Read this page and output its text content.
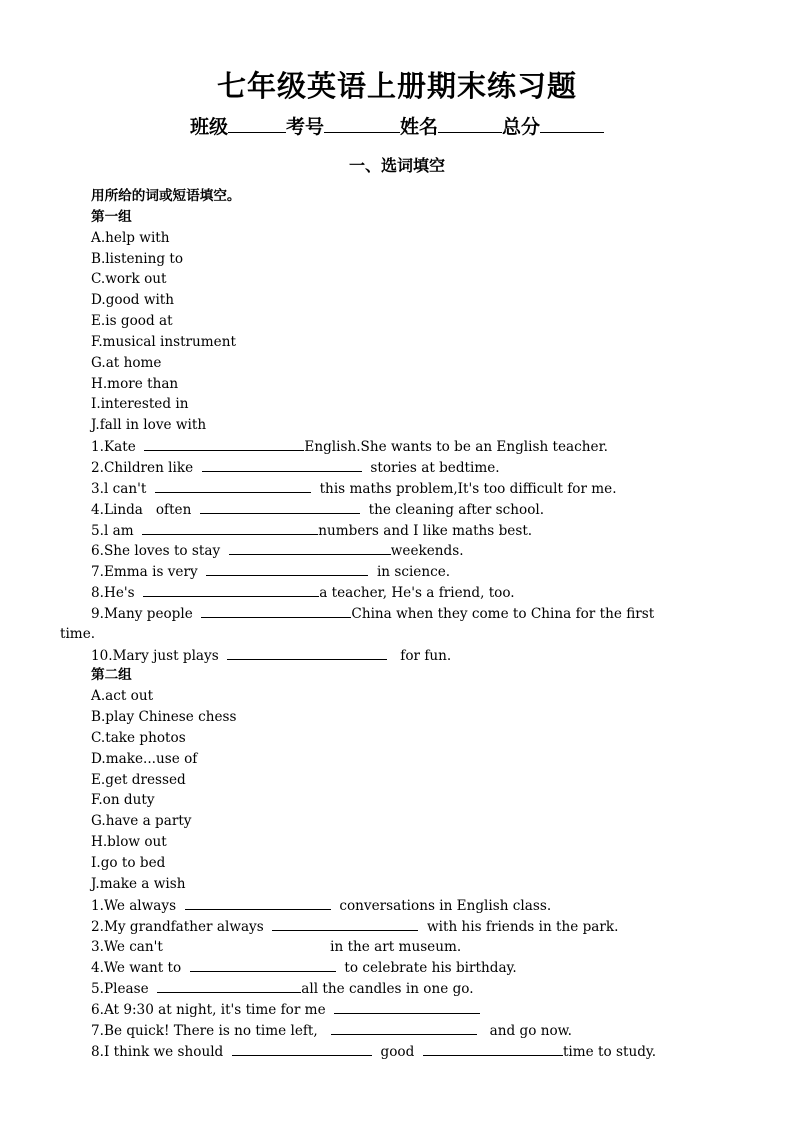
七年级英语上册期末练习题
班级	考号	姓名	总分
一、选词填空
用所给的词或短语填空。
第一组
A.help with
B.listening to
C.work out
D.good with
E.is good at
F.musical instrument
G.at home
H.more than
I.interested in
J.fall in love with
1.Kate	English.She wants to be an English teacher.
2.Children like	stories at bedtime.
3.l can't	this maths problem,It's too difficult for me.
4.Linda   often	the cleaning after school.
5.l am	numbers and I like maths best.
6.She loves to stay	weekends.
7.Emma is very	in science.
8.He's	a teacher, He's a friend, too.
9.Many people	China when they come to China for the first
time.
10.Mary just plays	for fun.
第二组
A.act out
B.play Chinese chess
C.take photos
D.make...use of
E.get dressed
F.on duty
G.have a party
H.blow out
I.go to bed
J.make a wish
1.We always	conversations in English class.
2.My grandfather always	with his friends in the park.
3.We can't	in the art museum.
4.We want to	to celebrate his birthday.
5.Please	all the candles in one go.
6.At 9:30 at night, it's time for me
7.Be quick! There is no time left,	and go now.
8.I think we should	good	time to study.
